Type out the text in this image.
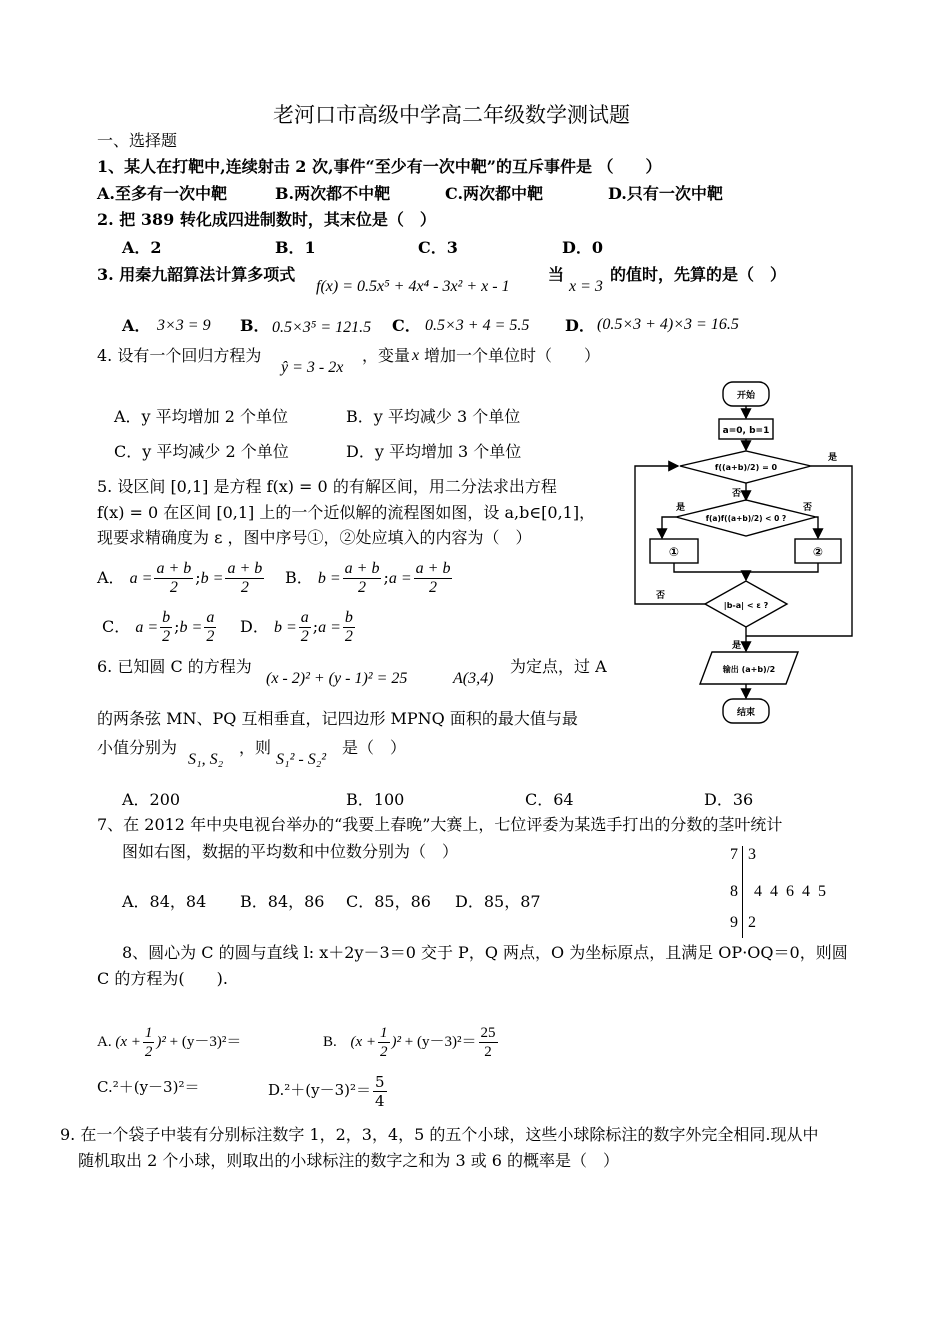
老河口市高级中学高二年级数学测试题
一、选择题
1、某人在打靶中,连续射击 2 次,事件“至少有一次中靶”的互斥事件是 （　　）
A.至多有一次中靶	B.两次都不中靶	C.两次都中靶	D.只有一次中靶
2. 把 389 转化成四进制数时，其末位是（　）
A．2	B．1	C．3	D．0
3. 用秦九韶算法计算多项式
f(x) = 0.5x⁵ + 4x⁴ - 3x² + x - 1
当
x = 3
的值时，先算的是（　）
A． 3×3 = 9 B． 0.5×3⁵ = 121.5 C． 0.5×3 + 4 = 5.5 D． (0.5×3 + 4)×3 = 16.5
4. 设有一个回归方程为
ŷ = 3 - 2x
，变量 x 增加一个单位时（　　）
A．y 平均增加 2 个单位	B．y 平均减少 3 个单位
C．y 平均减少 2 个单位	D．y 平均增加 3 个单位
5. 设区间 [0,1] 是方程 f(x) = 0 的有解区间，用二分法求出方程
f(x) = 0 在区间 [0,1] 上的一个近似解的流程图如图，设 a,b∈[0,1]，
现要求精确度为 ε ，图中序号①，②处应填入的内容为（　）
A． $a = \frac{a + b}{2}$ ;b = $\frac{a + b}{2}$ B． $b = \frac{a + b}{2}$ ;a = $\frac{a + b}{2}$
C． $a = \frac{b}{2}$ ;b = $\frac{a}{2}$ D． $b = \frac{a}{2}$ ;a = $\frac{b}{2}$
6. 已知圆 C 的方程为
(x - 2)² + (y - 1)² = 25	A(3,4)
为定点，过 A
的两条弦 MN、PQ 互相垂直，记四边形 MPNQ 面积的最大值与最
小值分别为
S₁, S₂
，则
S₁² - S₂²
是（　）
A．200	B．100	C．64	D．36
7、在 2012 年中央电视台举办的“我要上春晚”大赛上，七位评委为某选手打出的分数的茎叶统计
图如右图，数据的平均数和中位数分别为（　）
A．84，84 B．84，86 C．85，86 D．85，87
7 3
8 4 4 6 4 5
9 2
8、圆心为 C 的圆与直线 l: x＋2y－3＝0 交于 P，Q 两点，O 为坐标原点，且满足 OP·OQ＝0，则圆
C 的方程为(　　).
A. $(x + \frac{1}{2} )^2 + (y-3)^2=$	B. $(x + \frac{1}{2} )^2 + (y-3)^2= \frac{25}{2}$
C.²＋(y－3)²＝	$D.^2+(y-3)^2= \frac{5}{4}$
9. 在一个袋子中装有分别标注数字 1，2，3，4，5 的五个小球，这些小球除标注的数字外完全相同.现从中
随机取出 2 个小球，则取出的小球标注的数字之和为 3 或 6 的概率是（　）
开始
a=0, b=1
f((a+b)/2) = 0
是
否
f(a)f((a+b)/2) < 0 ?
是	否
①	②
|b-a| < ε ?
否
是
输出 (a+b)/2
结束
